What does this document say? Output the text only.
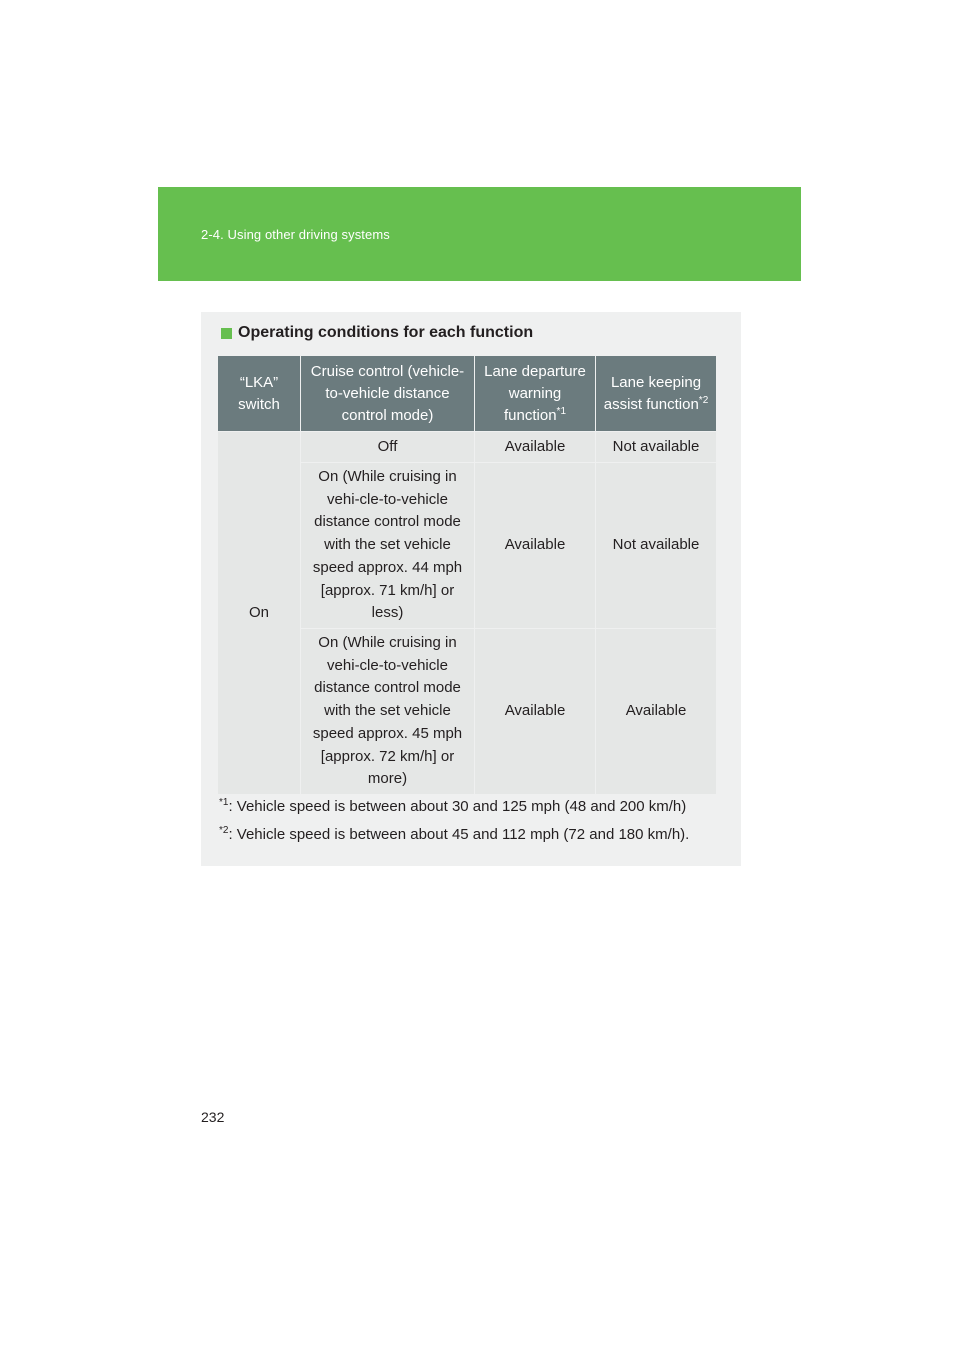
2-4. Using other driving systems
Operating conditions for each function
“LKA” switch	Cruise control (vehicle-to-vehicle distance control mode)	Lane departure warning function$^{*1}$	Lane keeping assist function$^{*2}$
On	Off	Available	Not available
	On (While cruising in vehi-cle-to-vehicle distance control mode with the set vehicle speed approx. 44 mph [approx. 71 km/h] or less)	Available	Not available
	On (While cruising in vehi-cle-to-vehicle distance control mode with the set vehicle speed approx. 45 mph [approx. 72 km/h] or more)	Available	Available
$^{*1}$: Vehicle speed is between about 30 and 125 mph (48 and 200 km/h)
$^{*2}$: Vehicle speed is between about 45 and 112 mph (72 and 180 km/h).
232
